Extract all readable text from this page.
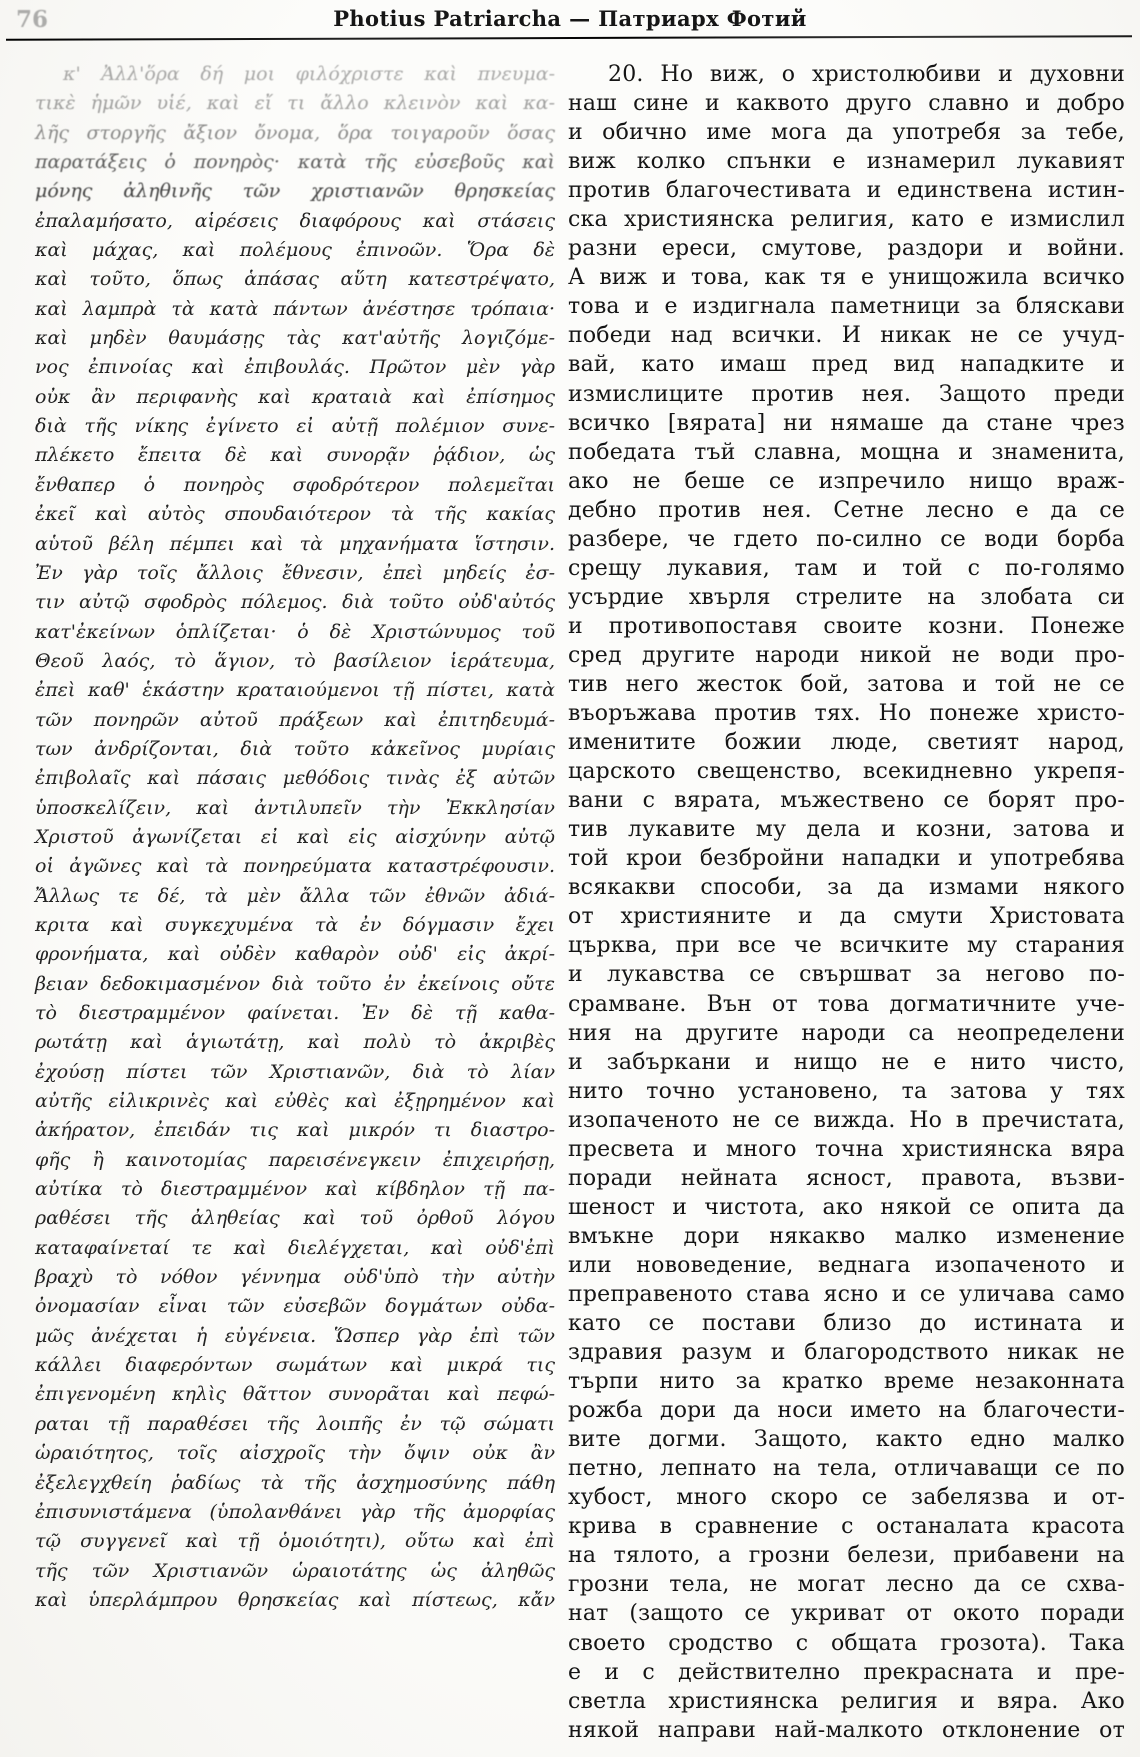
76	Photius Patriarcha — Патриарх Фотий
κ' Ἀλλ'ὅρα δή μοι φιλόχριστε καὶ πνευμα-
τικὲ ἡμῶν υἱέ, καὶ εἴ τι ἄλλο κλεινὸν καὶ κα-
λῆς στοργῆς ἄξιον ὄνομα, ὅρα τοιγαροῦν ὅσας
παρατάξεις ὁ πονηρὸς· κατὰ τῆς εὐσεβοῦς καὶ
μόνης ἀληθινῆς τῶν χριστιανῶν θρησκείας
ἐπαλαμήσατο, αἱρέσεις διαφόρους καὶ στάσεις
καὶ μάχας, καὶ πολέμους ἐπινοῶν. Ὅρα δὲ
καὶ τοῦτο, ὅπως ἁπάσας αὕτη κατεστρέψατο,
καὶ λαμπρὰ τὰ κατὰ πάντων ἀνέστησε τρόπαια·
καὶ μηδὲν θαυμάσῃς τὰς κατ'αὐτῆς λογιζόμε-
νος ἐπινοίας καὶ ἐπιβουλάς. Πρῶτον μὲν γὰρ
οὐκ ἂν περιφανὴς καὶ κραταιὰ καὶ ἐπίσημος
διὰ τῆς νίκης ἐγίνετο εἰ αὐτῇ πολέμιον συνε-
πλέκετο ἔπειτα δὲ καὶ συνορᾷν ῥᾴδιον, ὡς
ἔνθαπερ ὁ πονηρὸς σφοδρότερον πολεμεῖται
ἐκεῖ καὶ αὐτὸς σπουδαιότερον τὰ τῆς κακίας
αὑτοῦ βέλη πέμπει καὶ τὰ μηχανήματα ἵστησιν.
Ἐν γὰρ τοῖς ἄλλοις ἔθνεσιν, ἐπεὶ μηδείς ἐσ-
τιν αὐτῷ σφοδρὸς πόλεμος. διὰ τοῦτο οὐδ'αὐτός
κατ'ἐκείνων ὁπλίζεται· ὁ δὲ Χριστώνυμος τοῦ
Θεοῦ λαός, τὸ ἅγιον, τὸ βασίλειον ἱεράτευμα,
ἐπεὶ καθ' ἑκάστην κραταιούμενοι τῇ πίστει, κατὰ
τῶν πονηρῶν αὐτοῦ πράξεων καὶ ἐπιτηδευμά-
των ἀνδρίζονται, διὰ τοῦτο κἀκεῖνος μυρίαις
ἐπιβολαῖς καὶ πάσαις μεθόδοις τινὰς ἐξ αὐτῶν
ὑποσκελίζειν, καὶ ἀντιλυπεῖν τὴν Ἐκκλησίαν
Χριστοῦ ἀγωνίζεται εἰ καὶ εἰς αἰσχύνην αὐτῷ
οἱ ἀγῶνες καὶ τὰ πονηρεύματα καταστρέφουσιν.
Ἄλλως τε δέ, τὰ μὲν ἄλλα τῶν ἐθνῶν ἀδιά-
κριτα καὶ συγκεχυμένα τὰ ἐν δόγμασιν ἔχει
φρονήματα, καὶ οὐδὲν καθαρὸν οὐδ' εἰς ἀκρί-
βειαν δεδοκιμασμένον διὰ τοῦτο ἐν ἐκείνοις οὔτε
τὸ διεστραμμένον φαίνεται. Ἐν δὲ τῇ καθα-
ρωτάτῃ καὶ ἁγιωτάτῃ, καὶ πολὺ τὸ ἀκριβὲς
ἐχούσῃ πίστει τῶν Χριστιανῶν, διὰ τὸ λίαν
αὐτῆς εἰλικρινὲς καὶ εὐθὲς καὶ ἐξῃρημένον καὶ
ἀκήρατον, ἐπειδάν τις καὶ μικρόν τι διαστρο-
φῆς ἢ καινοτομίας παρεισένεγκειν ἐπιχειρήσῃ,
αὐτίκα τὸ διεστραμμένον καὶ κίβδηλον τῇ πα-
ραθέσει τῆς ἀληθείας καὶ τοῦ ὀρθοῦ λόγου
καταφαίνεταί τε καὶ διελέγχεται, καὶ οὐδ'ἐπὶ
βραχὺ τὸ νόθον γέννημα οὐδ'ὑπὸ τὴν αὐτὴν
ὀνομασίαν εἶναι τῶν εὐσεβῶν δογμάτων οὐδα-
μῶς ἀνέχεται ἡ εὐγένεια. Ὥσπερ γὰρ ἐπὶ τῶν
κάλλει διαφερόντων σωμάτων καὶ μικρά τις
ἐπιγενομένη κηλὶς θᾶττον συνορᾶται καὶ πεφώ-
ραται τῇ παραθέσει τῆς λοιπῆς ἐν τῷ σώματι
ὡραιότητος, τοῖς αἰσχροῖς τὴν ὄψιν οὐκ ἂν
ἐξελεγχθείη ῥαδίως τὰ τῆς ἀσχημοσύνης πάθη
ἐπισυνιστάμενα (ὑπολανθάνει γὰρ τῆς ἀμορφίας
τῷ συγγενεῖ καὶ τῇ ὁμοιότητι), οὕτω καὶ ἐπὶ
τῆς τῶν Χριστιανῶν ὡραιοτάτης ὡς ἀληθῶς
καὶ ὑπερλάμπρου θρησκείας καὶ πίστεως, κἄν
20. Но виж, о христолюбиви и духовни
наш сине и каквото друго славно и добро
и обично име мога да употребя за тебе,
виж колко спънки е изнамерил лукавият
против благочестивата и единствена истин-
ска християнска религия, като е измислил
разни ереси, смутове, раздори и войни.
А виж и това, как тя е унищожила всичко
това и е издигнала паметници за бляскави
победи над всички. И никак не се учуд-
вай, като имаш пред вид нападките и
измислиците против нея. Защото преди
всичко [вярата] ни нямаше да стане чрез
победата тъй славна, мощна и знаменита,
ако не беше се изпречило нищо враж-
дебно против нея. Сетне лесно е да се
разбере, че гдето по-силно се води борба
срещу лукавия, там и той с по-голямо
усърдие хвърля стрелите на злобата си
и противопоставя своите козни. Понеже
сред другите народи никой не води про-
тив него жесток бой, затова и той не се
въоръжава против тях. Но понеже христо-
именитите божии люде, светият народ,
царското свещенство, всекидневно укрепя-
вани с вярата, мъжествено се борят про-
тив лукавите му дела и козни, затова и
той крои безбройни нападки и употребява
всякакви способи, за да измами някого
от християните и да смути Христовата
църква, при все че всичките му старания
и лукавства се свършват за негово по-
срамване. Вън от това догматичните уче-
ния на другите народи са неопределени
и забъркани и нищо не е нито чисто,
нито точно установено, та затова у тях
изопаченото не се вижда. Но в пречистата,
пресвета и много точна християнска вяра
поради нейната ясност, правота, възви-
шеност и чистота, ако някой се опита да
вмъкне дори някакво малко изменение
или нововедение, веднага изопаченото и
преправеното става ясно и се уличава само
като се постави близо до истината и
здравия разум и благородството никак не
търпи нито за кратко време незаконната
рожба дори да носи името на благочести-
вите догми. Защото, както едно малко
петно, лепнато на тела, отличаващи се по
хубост, много скоро се забелязва и от-
крива в сравнение с останалата красота
на тялото, а грозни белези, прибавени на
грозни тела, не могат лесно да се схва-
нат (защото се укриват от окото поради
своето сродство с общата грозота). Така
е и с действително прекрасната и пре-
светла християнска религия и вяра. Ако
някой направи най-малкото отклонение от
